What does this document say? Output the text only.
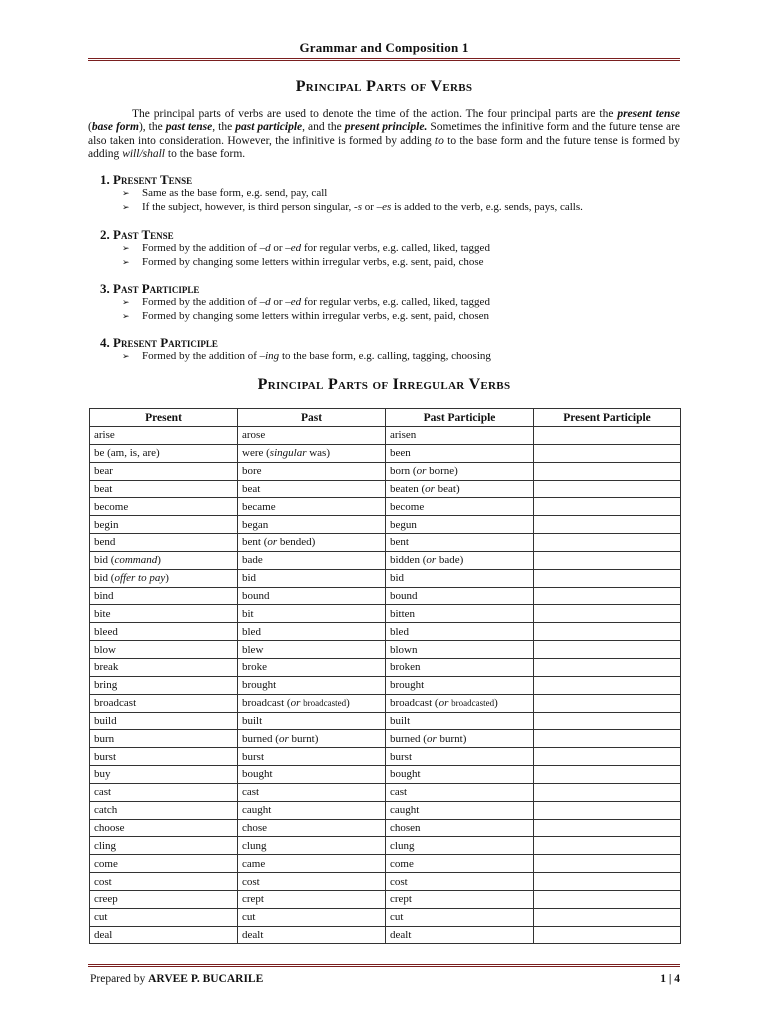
Grammar and Composition 1
Principal Parts of Verbs

The principal parts of verbs are used to denote the time of the action. The four principal parts are the present tense (base form), the past tense, the past participle, and the present principle. Sometimes the infinitive form and the future tense are also taken into consideration. However, the infinitive is formed by adding to to the base form and the future tense is formed by adding will/shall to the base form.

1. Present Tense
➢ Same as the base form, e.g. send, pay, call
➢ If the subject, however, is third person singular, -s or –es is added to the verb, e.g. sends, pays, calls.
2. Past Tense
➢ Formed by the addition of –d or –ed for regular verbs, e.g. called, liked, tagged
➢ Formed by changing some letters within irregular verbs, e.g. sent, paid, chose
3. Past Participle
➢ Formed by the addition of –d or –ed for regular verbs, e.g. called, liked, tagged
➢ Formed by changing some letters within irregular verbs, e.g. sent, paid, chosen
4. Present Participle
➢ Formed by the addition of –ing to the base form, e.g. calling, tagging, choosing
Principal Parts of Irregular Verbs
Present	Past	Past Participle	Present Participle
arise	arose	arisen	
be (am, is, are)	were (singular was)	been	
bear	bore	born (or borne)	
beat	beat	beaten (or beat)	
become	became	become	
begin	began	begun	
bend	bent (or bended)	bent	
bid (command)	bade	bidden (or bade)	
bid (offer to pay)	bid	bid	
bind	bound	bound	
bite	bit	bitten	
bleed	bled	bled	
blow	blew	blown	
break	broke	broken	
bring	brought	brought	
broadcast	broadcast (or broadcasted)	broadcast (or broadcasted)	
build	built	built	
burn	burned (or burnt)	burned (or burnt)	
burst	burst	burst	
buy	bought	bought	
cast	cast	cast	
catch	caught	caught	
choose	chose	chosen	
cling	clung	clung	
come	came	come	
cost	cost	cost	
creep	crept	crept	
cut	cut	cut	
deal	dealt	dealt	
Prepared by ARVEE P. BUCARILE	1 | 4
